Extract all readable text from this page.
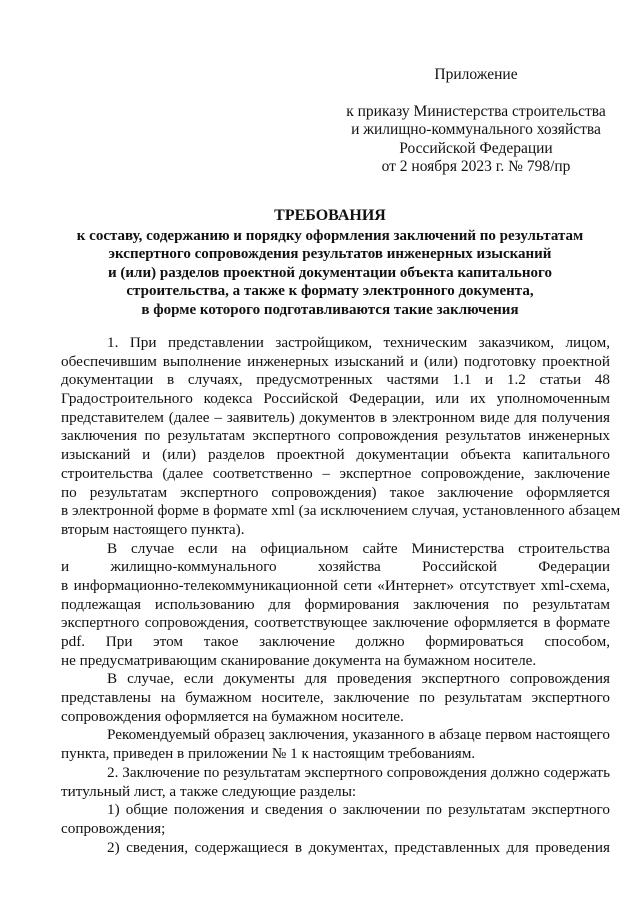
Приложение
к приказу Министерства строительства
и жилищно-коммунального хозяйства
Российской Федерации
от 2 ноября 2023 г. № 798/пр
ТРЕБОВАНИЯ
к составу, содержанию и порядку оформления заключений по результатам
экспертного сопровождения результатов инженерных изысканий
и (или) разделов проектной документации объекта капитального
строительства, а также к формату электронного документа,
в форме которого подготавливаются такие заключения
1. При представлении застройщиком, техническим заказчиком, лицом,
обеспечившим выполнение инженерных изысканий и (или) подготовку проектной
документации в случаях, предусмотренных частями 1.1 и 1.2 статьи 48
Градостроительного кодекса Российской Федерации, или их уполномоченным
представителем (далее – заявитель) документов в электронном виде для получения
заключения по результатам экспертного сопровождения результатов инженерных
изысканий и (или) разделов проектной документации объекта капитального
строительства (далее соответственно – экспертное сопровождение, заключение
по результатам экспертного сопровождения) такое заключение оформляется
в электронной форме в формате xml (за исключением случая, установленного абзацем
вторым настоящего пункта).
В случае если на официальном сайте Министерства строительства
и жилищно-коммунального хозяйства Российской Федерации
в информационно-телекоммуникационной сети «Интернет» отсутствует xml-схема,
подлежащая использованию для формирования заключения по результатам
экспертного сопровождения, соответствующее заключение оформляется в формате
pdf. При этом такое заключение должно формироваться способом,
не предусматривающим сканирование документа на бумажном носителе.
В случае, если документы для проведения экспертного сопровождения
представлены на бумажном носителе, заключение по результатам экспертного
сопровождения оформляется на бумажном носителе.
Рекомендуемый образец заключения, указанного в абзаце первом настоящего
пункта, приведен в приложении № 1 к настоящим требованиям.
2. Заключение по результатам экспертного сопровождения должно содержать
титульный лист, а также следующие разделы:
1) общие положения и сведения о заключении по результатам экспертного
сопровождения;
2) сведения, содержащиеся в документах, представленных для проведения
